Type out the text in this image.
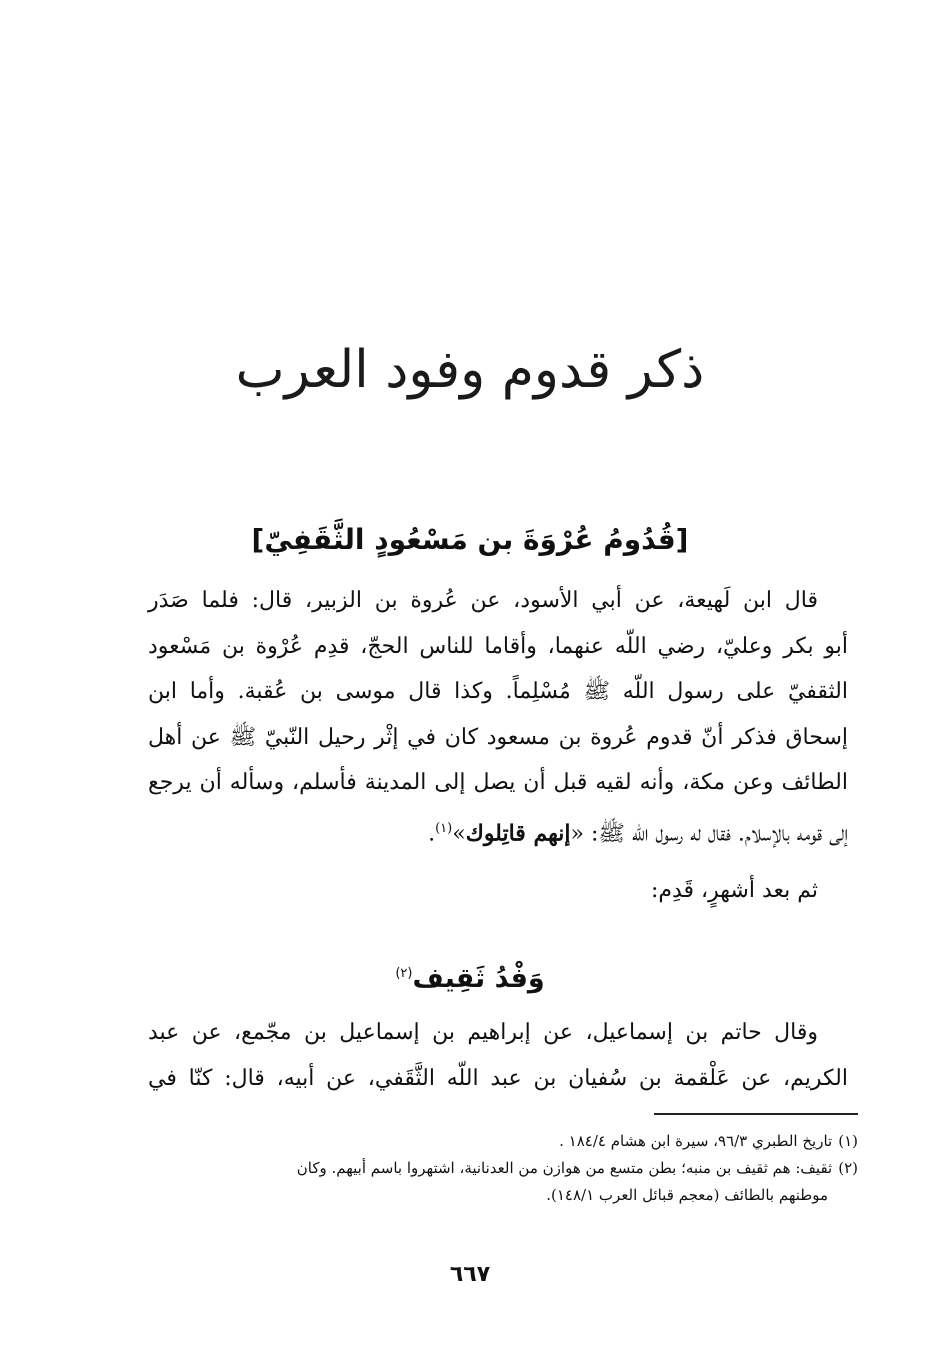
ذكر قدوم وفود العرب
[قُدُومُ عُرْوَةَ بن مَسْعُودٍ الثَّقَفِيّ]
قال ابن لَهيعة، عن أبي الأسود، عن عُروة بن الزبير، قال: فلما صَدَر
أبو بكر وعليّ، رضي اللّه عنهما، وأقاما للناس الحجّ، قدِم عُرْوة بن مَسْعود
الثقفيّ على رسول اللّه ﷺ مُسْلِماً. وكذا قال موسى بن عُقبة. وأما ابن
إسحاق فذكر أنّ قدوم عُروة بن مسعود كان في إثْر رحيل النّبيّ ﷺ عن أهل
الطائف وعن مكة، وأنه لقيه قبل أن يصل إلى المدينة فأسلم، وسأله أن يرجع
إلى قومه بالإسلام. فقال له رسول اللّه ﷺ: «إنهم قاتِلوك»$^{(١)}$.
ثم بعد أشهرٍ، قَدِم:
وَفْدُ ثَقِيف$^{(٢)}$
وقال حاتم بن إسماعيل، عن إبراهيم بن إسماعيل بن مجّمع، عن عبد
الكريم، عن عَلْقمة بن سُفيان بن عبد اللّه الثَّقَفي، عن أبيه، قال: كنّا في
(١)تاريخ الطبري ٩٦/٣، سيرة ابن هشام ١٨٤/٤ .
(٢)ثقيف: هم ثقيف بن منبه؛ بطن متسع من هوازن من العدنانية، اشتهروا باسم أبيهم. وكان
موطنهم بالطائف (معجم قبائل العرب ١٤٨/١).
٦٦٧
